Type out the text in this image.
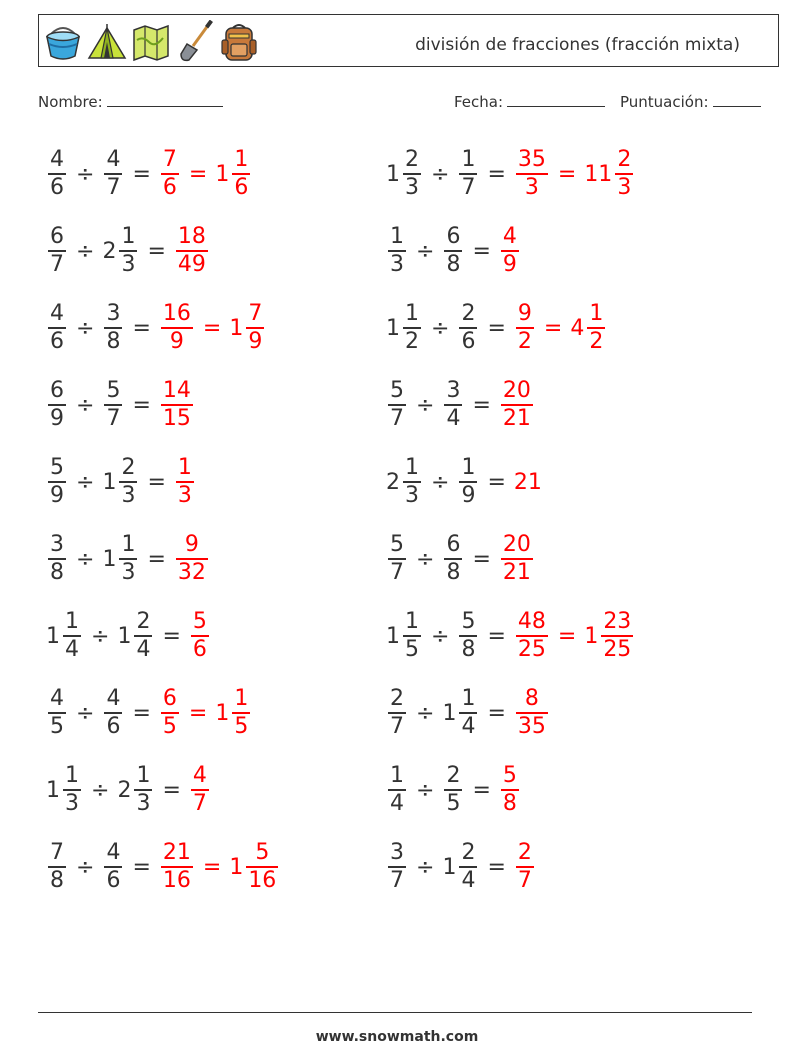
división de fracciones (fracción mixta)
Nombre:	Fecha:	Puntuación:
$\frac{4}{6} \div \frac{4}{7} = \frac{7}{6} = 1 \frac{1}{6}$
$\frac{6}{7} \div 2 \frac{1}{3} = \frac{18}{49}$
$\frac{4}{6} \div \frac{3}{8} = \frac{16}{9} = 1 \frac{7}{9}$
$\frac{6}{9} \div \frac{5}{7} = \frac{14}{15}$
$\frac{5}{9} \div 1 \frac{2}{3} = \frac{1}{3}$
$\frac{3}{8} \div 1 \frac{1}{3} = \frac{9}{32}$
$1 \frac{1}{4} \div 1 \frac{2}{4} = \frac{5}{6}$
$\frac{4}{5} \div \frac{4}{6} = \frac{6}{5} = 1 \frac{1}{5}$
$1 \frac{1}{3} \div 2 \frac{1}{3} = \frac{4}{7}$
$\frac{7}{8} \div \frac{4}{6} = \frac{21}{16} = 1 \frac{5}{16}$
$1 \frac{2}{3} \div \frac{1}{7} = \frac{35}{3} = 11 \frac{2}{3}$
$\frac{1}{3} \div \frac{6}{8} = \frac{4}{9}$
$1 \frac{1}{2} \div \frac{2}{6} = \frac{9}{2} = 4 \frac{1}{2}$
$\frac{5}{7} \div \frac{3}{4} = \frac{20}{21}$
$2 \frac{1}{3} \div \frac{1}{9} = 21$
$\frac{5}{7} \div \frac{6}{8} = \frac{20}{21}$
$1 \frac{1}{5} \div \frac{5}{8} = \frac{48}{25} = 1 \frac{23}{25}$
$\frac{2}{7} \div 1 \frac{1}{4} = \frac{8}{35}$
$\frac{1}{4} \div \frac{2}{5} = \frac{5}{8}$
$\frac{3}{7} \div 1 \frac{2}{4} = \frac{2}{7}$
www.snowmath.com
